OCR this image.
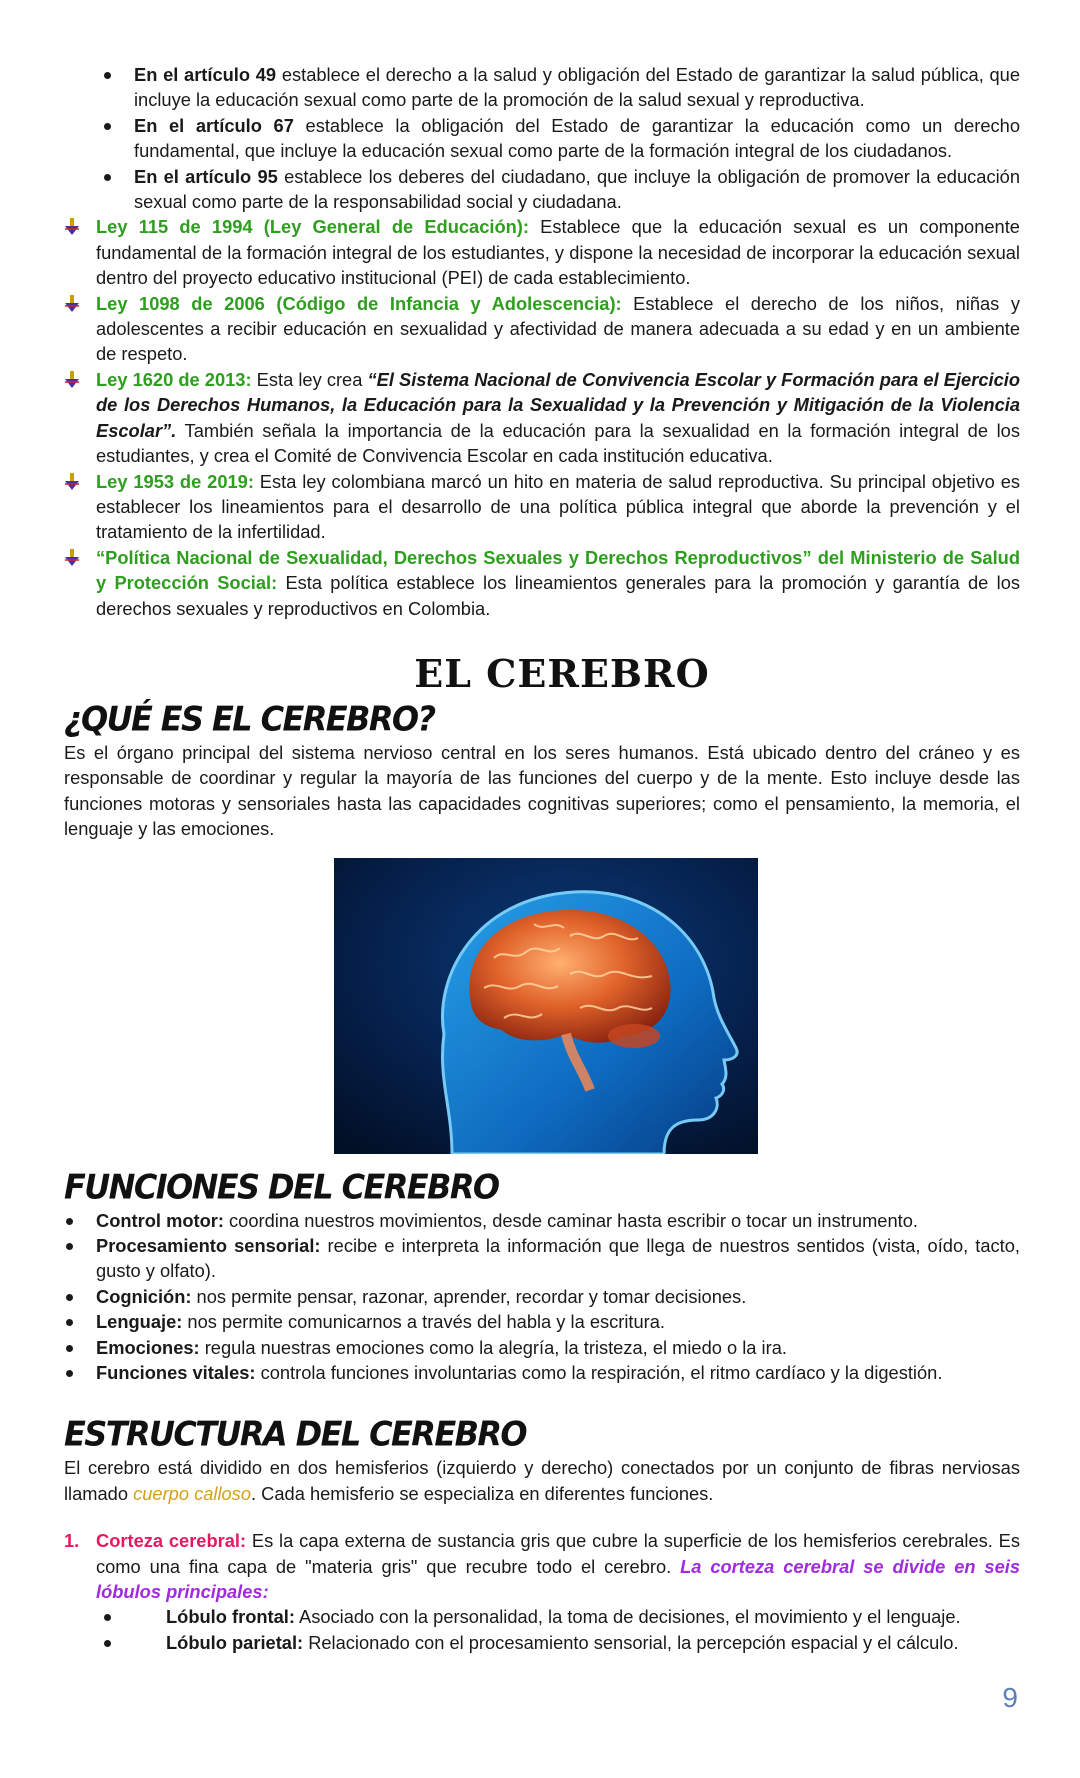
En el artículo 49 establece el derecho a la salud y obligación del Estado de garantizar la salud pública, que incluye la educación sexual como parte de la promoción de la salud sexual y reproductiva.
En el artículo 67 establece la obligación del Estado de garantizar la educación como un derecho fundamental, que incluye la educación sexual como parte de la formación integral de los ciudadanos.
En el artículo 95 establece los deberes del ciudadano, que incluye la obligación de promover la educación sexual como parte de la responsabilidad social y ciudadana.
Ley 115 de 1994 (Ley General de Educación): Establece que la educación sexual es un componente fundamental de la formación integral de los estudiantes, y dispone la necesidad de incorporar la educación sexual dentro del proyecto educativo institucional (PEI) de cada establecimiento.
Ley 1098 de 2006 (Código de Infancia y Adolescencia): Establece el derecho de los niños, niñas y adolescentes a recibir educación en sexualidad y afectividad de manera adecuada a su edad y en un ambiente de respeto.
Ley 1620 de 2013: Esta ley crea “El Sistema Nacional de Convivencia Escolar y Formación para el Ejercicio de los Derechos Humanos, la Educación para la Sexualidad y la Prevención y Mitigación de la Violencia Escolar”. También señala la importancia de la educación para la sexualidad en la formación integral de los estudiantes, y crea el Comité de Convivencia Escolar en cada institución educativa.
Ley 1953 de 2019: Esta ley colombiana marcó un hito en materia de salud reproductiva. Su principal objetivo es establecer los lineamientos para el desarrollo de una política pública integral que aborde la prevención y el tratamiento de la infertilidad.
“Política Nacional de Sexualidad, Derechos Sexuales y Derechos Reproductivos” del Ministerio de Salud y Protección Social: Esta política establece los lineamientos generales para la promoción y garantía de los derechos sexuales y reproductivos en Colombia.
EL CEREBRO
¿QUÉ ES EL CEREBRO?

Es el órgano principal del sistema nervioso central en los seres humanos. Está ubicado dentro del cráneo y es responsable de coordinar y regular la mayoría de las funciones del cuerpo y de la mente. Esto incluye desde las funciones motoras y sensoriales hasta las capacidades cognitivas superiores; como el pensamiento, la memoria, el lenguaje y las emociones.

FUNCIONES DEL CEREBRO
Control motor: coordina nuestros movimientos, desde caminar hasta escribir o tocar un instrumento.
Procesamiento sensorial: recibe e interpreta la información que llega de nuestros sentidos (vista, oído, tacto, gusto y olfato).
Cognición: nos permite pensar, razonar, aprender, recordar y tomar decisiones.
Lenguaje: nos permite comunicarnos a través del habla y la escritura.
Emociones: regula nuestras emociones como la alegría, la tristeza, el miedo o la ira.
Funciones vitales: controla funciones involuntarias como la respiración, el ritmo cardíaco y la digestión.
ESTRUCTURA DEL CEREBRO

El cerebro está dividido en dos hemisferios (izquierdo y derecho) conectados por un conjunto de fibras nerviosas llamado cuerpo calloso. Cada hemisferio se especializa en diferentes funciones.

1. Corteza cerebral: Es la capa externa de sustancia gris que cubre la superficie de los hemisferios cerebrales. Es como una fina capa de "materia gris" que recubre todo el cerebro. La corteza cerebral se divide en seis lóbulos principales:
Lóbulo frontal: Asociado con la personalidad, la toma de decisiones, el movimiento y el lenguaje.
Lóbulo parietal: Relacionado con el procesamiento sensorial, la percepción espacial y el cálculo.
9
